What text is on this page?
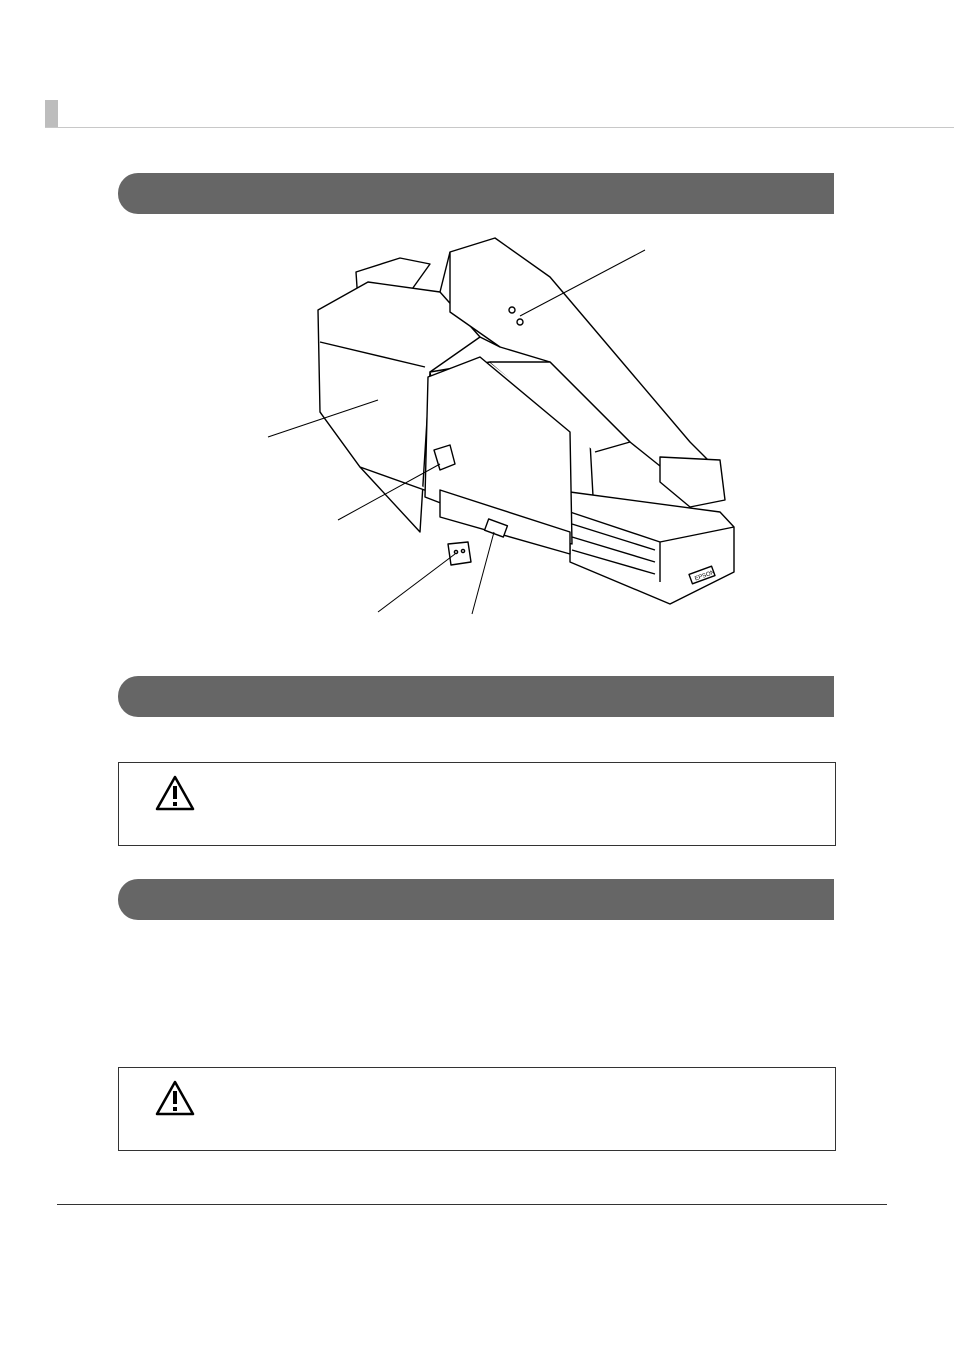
EPSON
